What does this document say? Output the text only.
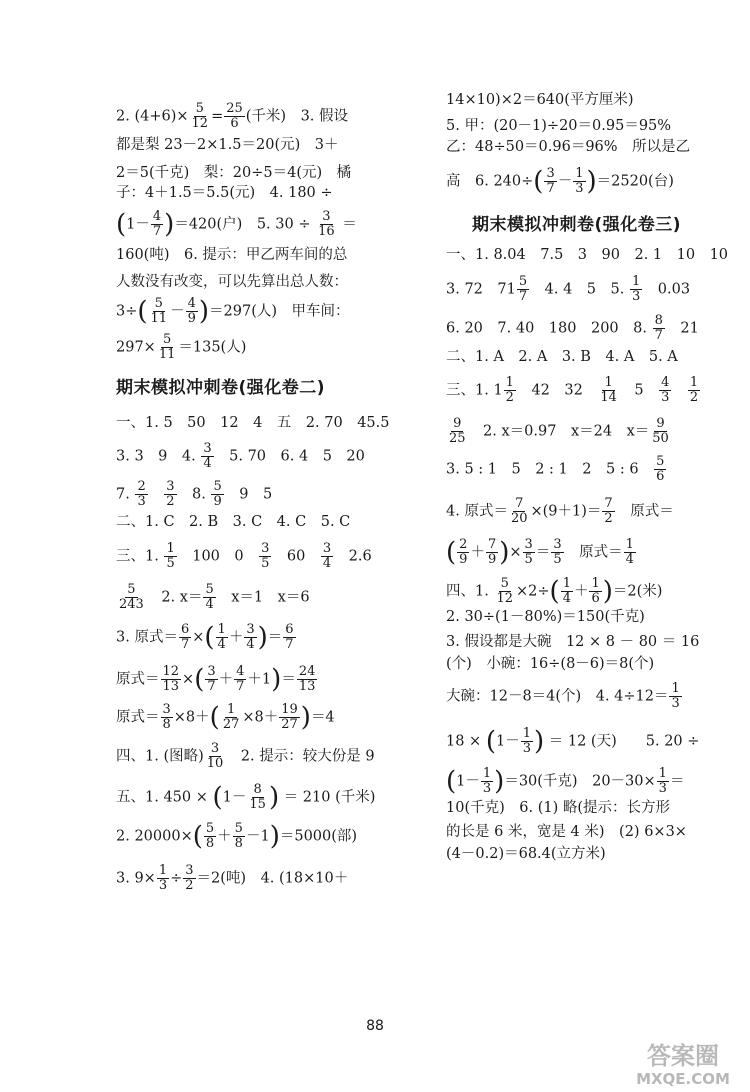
2. $(4+6)\times \frac{5}{12} = \frac{25}{6}$ (千米)　3. 假设
都是梨 23－2×1.5＝20(元)　3＋
2＝5(千克)　梨：20÷5＝4(元)　橘
子：4＋1.5＝5.5(元)　4. 180 ÷
$(1- \frac{4}{7} )=420$(户)　5. $30 \div \frac{3}{16}$ ＝
160(吨)　6. 提示：甲乙两车间的总
人数没有改变，可以先算出总人数：
$3\div( \frac{5}{11} - \frac{4}{9} )=297$(人)　甲车间：
$297\times \frac{5}{11} =135$(人)
期末模拟冲刺卷(强化卷二)
一、1. 5　50　12　4　五　2. 70　45.5
3. 3　9　4. $\frac{3}{4}$ 　5. 70　6. 4　5　20
7. $\frac{2}{3}$
　 $\frac{3}{2}$ 　8. $\frac{5}{9}$ 　9　5
二、1. C　2. B　3. C　4. C　5. C
三、1. $\frac{1}{5}$ 　100　0　 $\frac{3}{5}$ 　60　 $\frac{3}{4}$ 　2.6
$\frac{5}{243}$ 　2. $x= \frac{5}{4}$ 　x＝1　x＝6
3. 原式＝ $\frac{6}{7}$ ×( $\frac{1}{4} + \frac{3}{4}$ )＝ $\frac{6}{7}$
原式＝ $\frac{12}{13}$ ×( $\frac{3}{7} + \frac{4}{7} +1)= \frac{24}{13}$
原式＝ $\frac{3}{8} \times 8+( \frac{1}{27} \times 8+ \frac{19}{27} )=4$
四、1. (图略) $\frac{3}{10}$ 　2. 提示：较大份是 9
五、1. $450 \times (1- \frac{8}{15}$ ) ＝ 210 (千米)
2. $20000\times( \frac{5}{8} + \frac{5}{8} -1)=5000$(部)
3. $9\times \frac{1}{3} \div \frac{3}{2} =2$(吨)　4. (18×10＋
14×10)×2＝640(平方厘米)
5. 甲：(20－1)÷20＝0.95＝95%
乙：48÷50＝0.96＝96%　所以是乙
高　6. $240\div( \frac{3}{7} - \frac{1}{3} )=2520$(台)
期末模拟冲刺卷(强化卷三)
一、1. 8.04　7.5　3　90　2. 1　10　10
3. 72　$71 \frac{5}{7}$ 　4. 4　5　5. $\frac{1}{3}$ 　0.03
6. 20　7. 40　180　200　8. $\frac{8}{7}$ 　21
二、1. A　2. A　3. B　4. A　5. A
三、1. $1 \frac{1}{2}$ 　42　32　 $\frac{1}{14}$ 　5　 $\frac{4}{3}$
　 $\frac{1}{2}$
$\frac{9}{25}$ 　2. x＝0.97　x＝24　$x= \frac{9}{50}$
3. 5 : 1　5　2 : 1　2　5 : 6　 $\frac{5}{6}$
4. 原式＝ $\frac{7}{20} \times(9+1)= \frac{7}{2}$ 　原式＝
( $\frac{2}{9} + \frac{7}{9}$ )× $\frac{3}{5} = \frac{3}{5}$ 　原式＝ $\frac{1}{4}$
四、1. $\frac{5}{12} \times 2\div( \frac{1}{4} + \frac{1}{6} )=2$(米)
2. 30÷(1－80%)＝150(千克)
3. 假设都是大碗　12 × 8 － 80 ＝ 16
(个)　小碗：16÷(8－6)＝8(个)
大碗：12－8＝4(个)　4. $4\div 12= \frac{1}{3}$
$18 \times (1- \frac{1}{3}$ ) ＝ 12 (天)　　5. 20 ÷
$(1- \frac{1}{3} )=30$(千克)　$20-30\times \frac{1}{3}$ ＝
10(千克)　6. (1) 略(提示：长方形
的长是 6 米，宽是 4 米)　(2) 6×3×
(4－0.2)＝68.4(立方米)
88
答案圈
MXQE.COM
